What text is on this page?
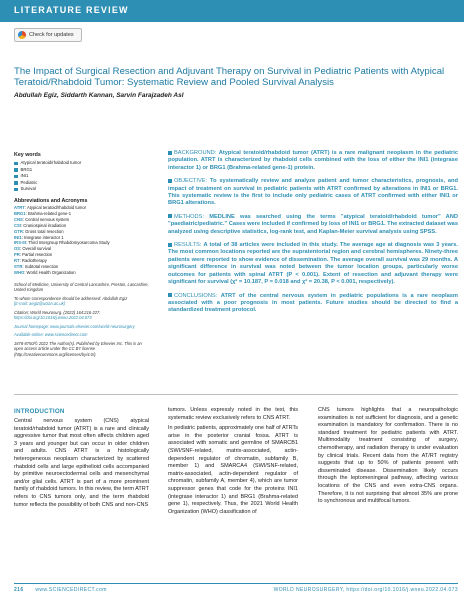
LITERATURE REVIEW
Check for updates
The Impact of Surgical Resection and Adjuvant Therapy on Survival in Pediatric Patients with Atypical Teratoid/Rhabdoid Tumor: Systematic Review and Pooled Survival Analysis
Abdullah Egiz, Siddarth Kannan, Sarvin Farajzadeh Asl
Key words
Atypical teratoid/rhabdoid tumor
BRG1
INI1
Pediatric
Survival
Abbreviations and Acronyms
ATRT: Atypical teratoid/rhabdoid tumor
BRG1: Brahma-related gene-1
CNS: Central nervous system
CSI: Craniospinal irradiation
GTR: Gross total resection
INI1: Integrase interactor 1
IRS-III: Third Intergroup Rhabdomyosarcoma Study
OS: Overall survival
PR: Partial resection
RT: Radiotherapy
STR: Subtotal resection
WHO: World Health Organization

School of Medicine, University of Central Lancashire, Preston, Lancashire, United Kingdom

To whom correspondence should be addressed: Abdullah Egiz
[E-mail: aegiz@uclan.ac.uk]

Citation: World Neurosurg. (2022) 164:216-227.
https://doi.org/10.1016/j.wneu.2022.04.073

Journal homepage: www.journals.elsevier.com/world-neurosurgery

Available online: www.sciencedirect.com

1878-8750/© 2022 The Author(s). Published by Elsevier Inc. This is an open access article under the CC BY license (http://creativecommons.org/licenses/by/4.0/).

BACKGROUND: Atypical teratoid/rhabdoid tumor (ATRT) is a rare malignant neoplasm in the pediatric population. ATRT is characterized by rhabdoid cells combined with the loss of either the INI1 (integrase interactor 1) or BRG1 (Brahma-related gene-1) protein.
OBJECTIVE: To systematically review and analyze patient and tumor characteristics, prognosis, and impact of treatment on survival in pediatric patients with ATRT confirmed by alterations in INI1 or BRG1. This systematic review is the first to include only pediatric cases of ATRT confirmed with either INI1 or BRG1 alterations.
METHODS: MEDLINE was searched using the terms "atypical teratoid/rhabdoid tumor" AND "paediatric/pediatric." Cases were included if confirmed by loss of INI1 or BRG1. The extracted dataset was analyzed using descriptive statistics, log-rank test, and Kaplan-Meier survival analysis using SPSS.
RESULTS: A total of 38 articles were included in this study. The average age at diagnosis was 3 years. The most common locations reported are the supratentorial region and cerebral hemispheres. Ninety-three patients were reported to show evidence of dissemination. The average overall survival was 29 months. A significant difference in survival was noted between the tumor location groups, particularly worse outcomes for patients with spinal ATRT (P < 0.001). Extent of resection and adjuvant therapy were significant for survival (χ² = 10.187, P = 0.018 and χ² = 20.38, P < 0.001, respectively).
CONCLUSIONS: ATRT of the central nervous system in pediatric populations is a rare neoplasm associated with a poor prognosis in most patients. Future studies should be directed to find a standardized treatment protocol.
INTRODUCTION

Central nervous system (CNS) atypical teratoid/rhabdoid tumor (ATRT) is a rare and clinically aggressive tumor that most often affects children aged 3 years and younger but can occur in older children and adults. CNS ATRT is a histologically heterogeneous neoplasm characterized by scattered rhabdoid cells and large epithelioid cells accompanied by primitive neuroectodermal cells and mesenchymal and/or glial cells. ATRT is part of a more prominent family of rhabdoid tumors. In this review, the term ATRT refers to CNS tumors only, and the term rhabdoid tumor reflects the possibility of both CNS and non-CNS

tumors. Unless expressly noted in the text, this systematic review exclusively refers to CNS ATRT.

In pediatric patients, approximately one half of ATRTs arise in the posterior cranial fossa. ATRT is associated with somatic and germline of SMARCB1 (SWI/SNF-related, matrix-associated, actin-dependent regulator of chromatin, subfamily B, member 1) and SMARCA4 (SWI/SNF-related, matrix-associated, actin-dependent regulator of chromatin, subfamily A, member 4), which are tumor suppressor genes that code for the proteins INI1 (integrase interactor 1) and BRG1 (Brahma-related gene 1), respectively. Thus, the 2021 World Health Organization (WHO) classification of

CNS tumors highlights that a neuropathologic examination is not sufficient for diagnosis, and a genetic examination is mandatory for confirmation. There is no standard treatment for pediatric patients with ATRT. Multimodality treatment consisting of surgery, chemotherapy, and radiation therapy is under evaluation by clinical trials. Recent data from the AT/RT registry suggests that up to 50% of patients present with disseminated disease. Dissemination likely occurs through the leptomeningeal pathway, affecting various locations of the CNS and even extra-CNS organs. Therefore, it is not surprising that almost 35% are prone to synchronous and multifocal tumors.

216 www.SCIENCEDIRECT.com	WORLD NEUROSURGERY, https://doi.org/10.1016/j.wneu.2022.04.073
